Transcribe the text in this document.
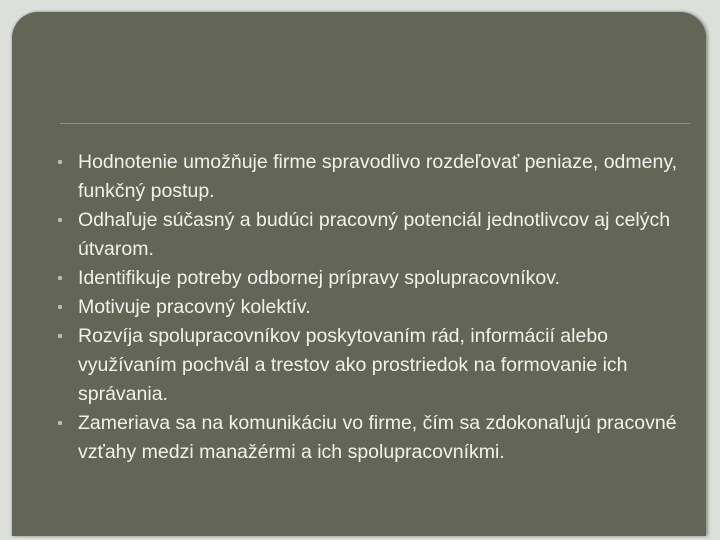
Hodnotenie umožňuje firme spravodlivo rozdeľovať peniaze, odmeny, funkčný postup.
Odhaľuje súčasný a budúci pracovný potenciál jednotlivcov aj celých útvarom.
Identifikuje potreby odbornej prípravy spolupracovníkov.
Motivuje pracovný kolektív.
Rozvíja spolupracovníkov poskytovaním rád, informácií alebo využívaním pochvál a trestov ako prostriedok na formovanie ich správania.
Zameriava sa na komunikáciu vo firme, čím sa zdokonaľujú pracovné vzťahy medzi manažérmi a ich spolupracovníkmi.
